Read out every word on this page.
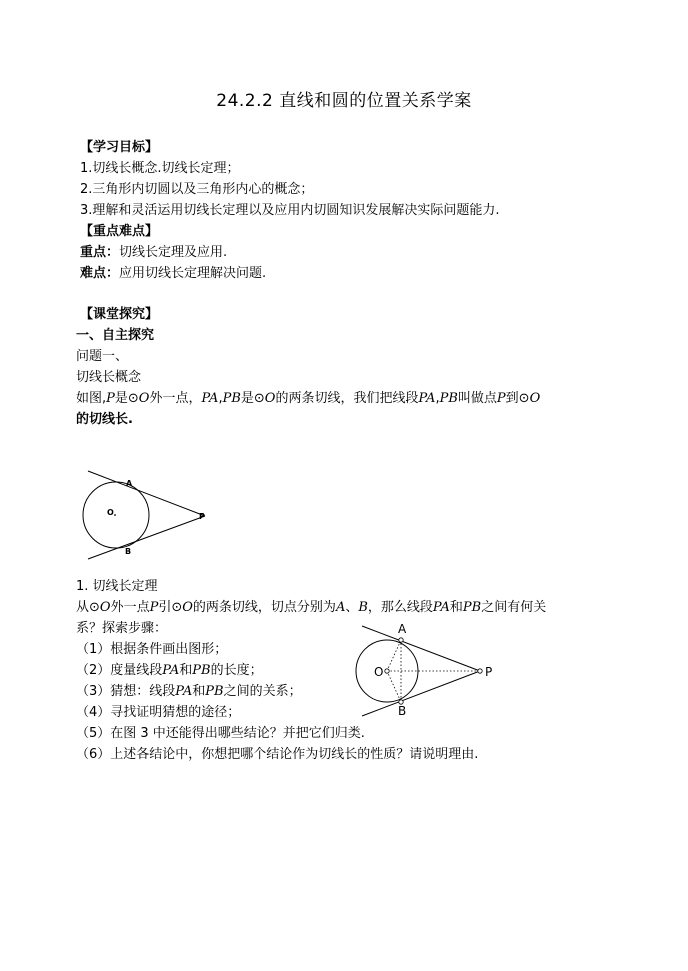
24.2.2 直线和圆的位置关系学案
【学习目标】
1.切线长概念.切线长定理；
2.三角形内切圆以及三角形内心的概念；
3.理解和灵活运用切线长定理以及应用内切圆知识发展解决实际问题能力.
【重点难点】
重点：切线长定理及应用.
难点：应用切线长定理解决问题.
【课堂探究】
一、自主探究
问题一、
切线长概念
如图,P是⊙O外一点，PA,PB是⊙O的两条切线，我们把线段PA,PB叫做点P到⊙O
的切线长.
A
O	P
B
1. 切线长定理
从⊙O外一点P引⊙O的两条切线，切点分别为A、B，那么线段PA和PB之间有何关
系？探索步骤：
（1）根据条件画出图形；
（2）度量线段PA和PB的长度；
（3）猜想：线段PA和PB之间的关系；
（4）寻找证明猜想的途径；
（5）在图 3 中还能得出哪些结论？并把它们归类.
（6）上述各结论中，你想把哪个结论作为切线长的性质？请说明理由.
A
O	P
B
